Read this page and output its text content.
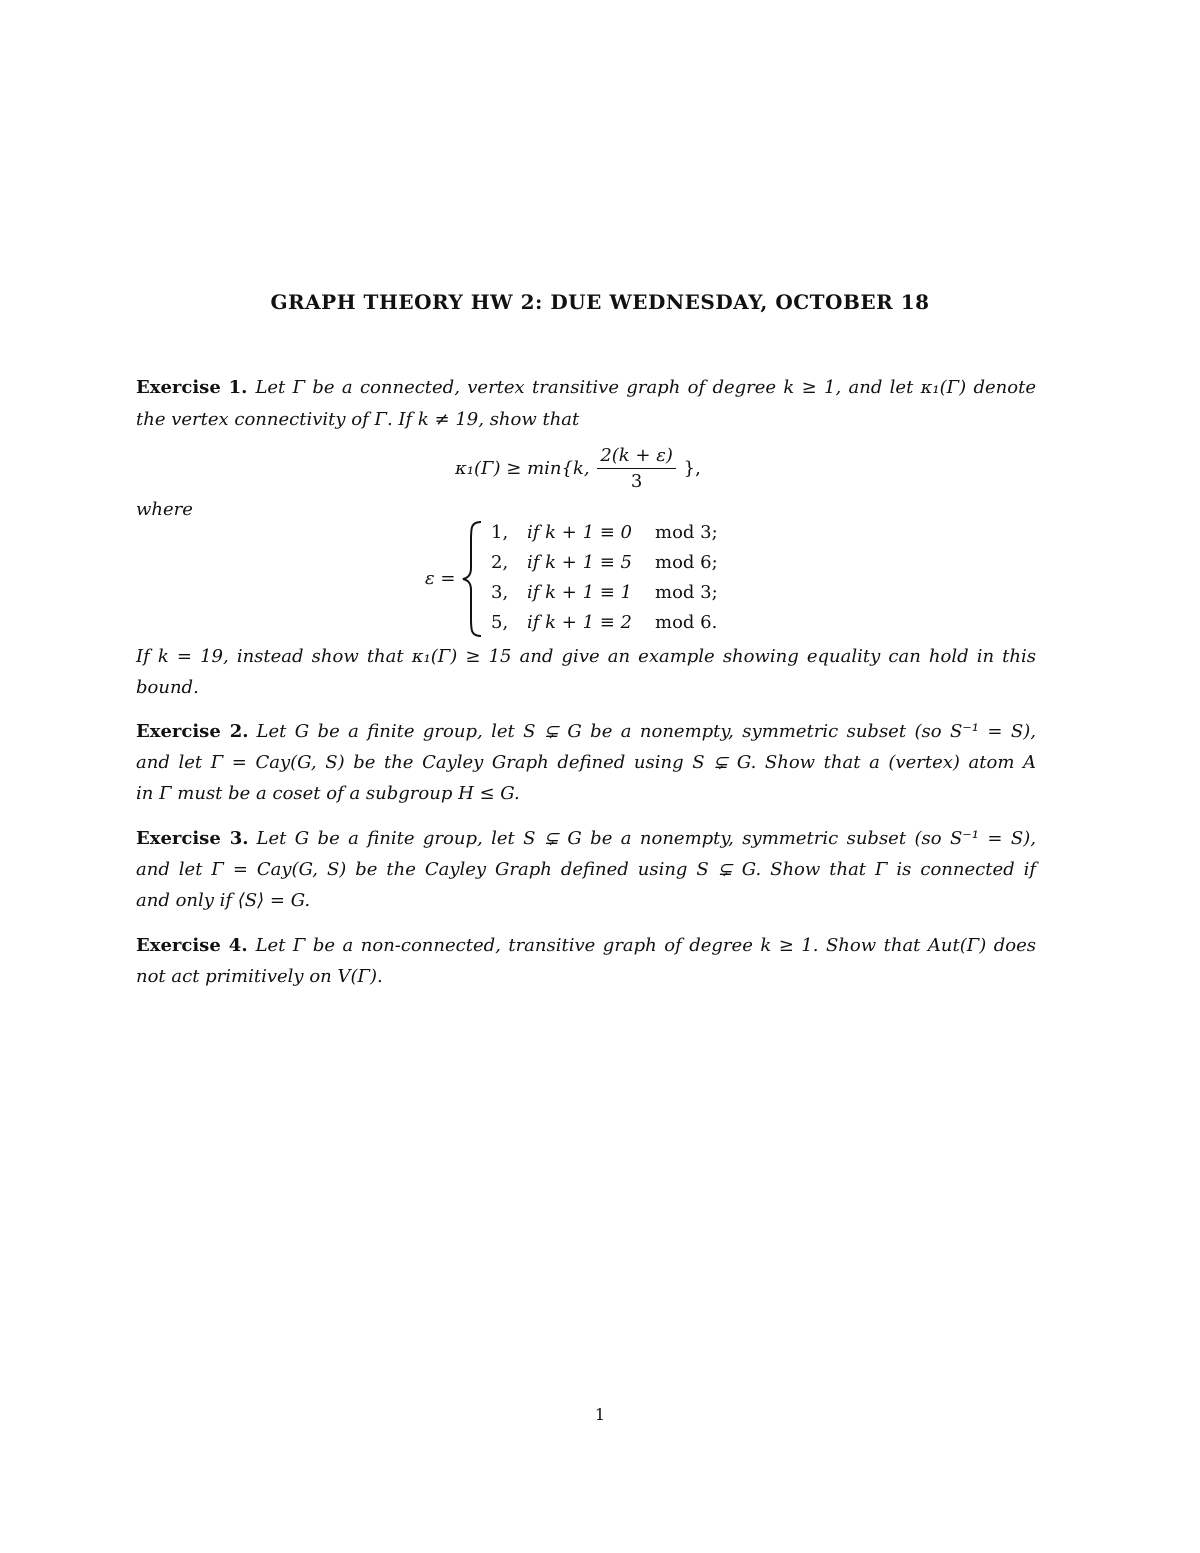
GRAPH THEORY HW 2: DUE WEDNESDAY, OCTOBER 18
Exercise 1. Let Γ be a connected, vertex transitive graph of degree k ≥ 1, and let κ₁(Γ) denote
the vertex connectivity of Γ. If k ≠ 19, show that
κ₁(Γ) ≥ min{k, $\frac{2(k + \varepsilon)}{3}$ },
where
ε =
1, if k + 1 ≡ 0 mod 3;
2, if k + 1 ≡ 5 mod 6;
3, if k + 1 ≡ 1 mod 3;
5, if k + 1 ≡ 2 mod 6.
If k = 19, instead show that κ₁(Γ) ≥ 15 and give an example showing equality can hold in this
bound.
Exercise 2. Let G be a finite group, let S ⊊ G be a nonempty, symmetric subset (so S⁻¹ = S),
and let Γ = Cay(G, S) be the Cayley Graph defined using S ⊊ G. Show that a (vertex) atom A
in Γ must be a coset of a subgroup H ≤ G.
Exercise 3. Let G be a finite group, let S ⊊ G be a nonempty, symmetric subset (so S⁻¹ = S),
and let Γ = Cay(G, S) be the Cayley Graph defined using S ⊊ G. Show that Γ is connected if
and only if ⟨S⟩ = G.
Exercise 4. Let Γ be a non-connected, transitive graph of degree k ≥ 1. Show that Aut(Γ) does
not act primitively on V(Γ).
1
